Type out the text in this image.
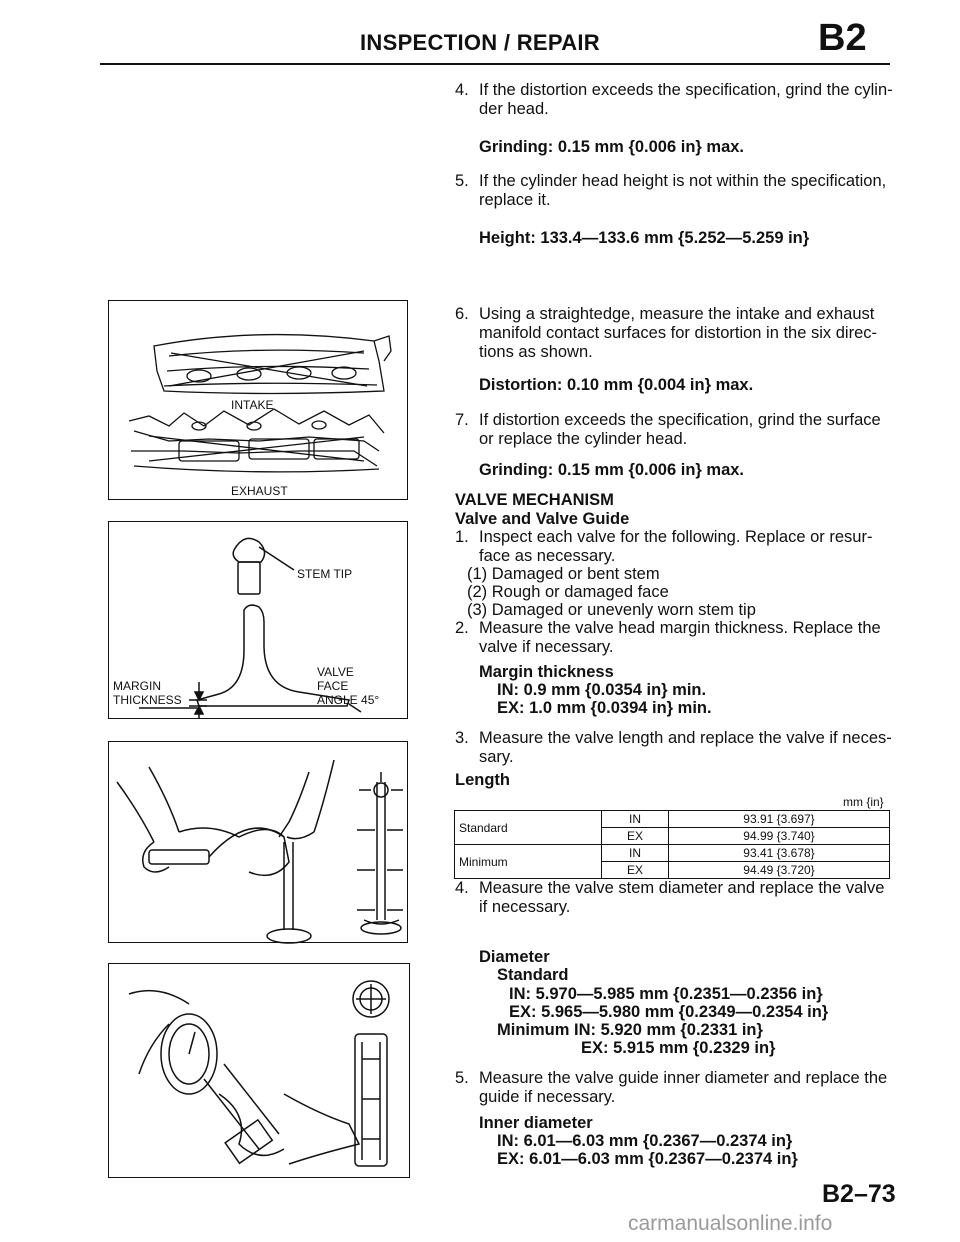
INSPECTION / REPAIR	B2
4. If the distortion exceeds the specification, grind the cylin-der head.
Grinding: 0.15 mm {0.006 in} max.
5. If the cylinder head height is not within the specification, replace it.
Height: 133.4—133.6 mm {5.252—5.259 in}
6. Using a straightedge, measure the intake and exhaust manifold contact surfaces for distortion in the six direc-tions as shown.
Distortion: 0.10 mm {0.004 in} max.
7. If distortion exceeds the specification, grind the surface or replace the cylinder head.
Grinding: 0.15 mm {0.006 in} max.
VALVE MECHANISM
Valve and Valve Guide
1. Inspect each valve for the following. Replace or resur-face as necessary.
(1) Damaged or bent stem
(2) Rough or damaged face
(3) Damaged or unevenly worn stem tip
2. Measure the valve head margin thickness. Replace the valve if necessary.
Margin thickness
IN: 0.9 mm {0.0354 in} min.
EX: 1.0 mm {0.0394 in} min.
3. Measure the valve length and replace the valve if neces-sary.
Length
mm {in}
Standard	IN	93.91 {3.697}
	EX	94.99 {3.740}
Minimum	IN	93.41 {3.678}
	EX	94.49 {3.720}
4. Measure the valve stem diameter and replace the valve if necessary.
Diameter
Standard
IN: 5.970—5.985 mm {0.2351—0.2356 in}
EX: 5.965—5.980 mm {0.2349—0.2354 in}
Minimum IN: 5.920 mm {0.2331 in}
EX: 5.915 mm {0.2329 in}
5. Measure the valve guide inner diameter and replace the guide if necessary.
Inner diameter
IN: 6.01—6.03 mm {0.2367—0.2374 in}
EX: 6.01—6.03 mm {0.2367—0.2374 in}
INTAKE
EXHAUST
STEM TIP
MARGIN
THICKNESS
VALVE
FACE
ANGLE 45°
B2–73
carmanualsonline.info
